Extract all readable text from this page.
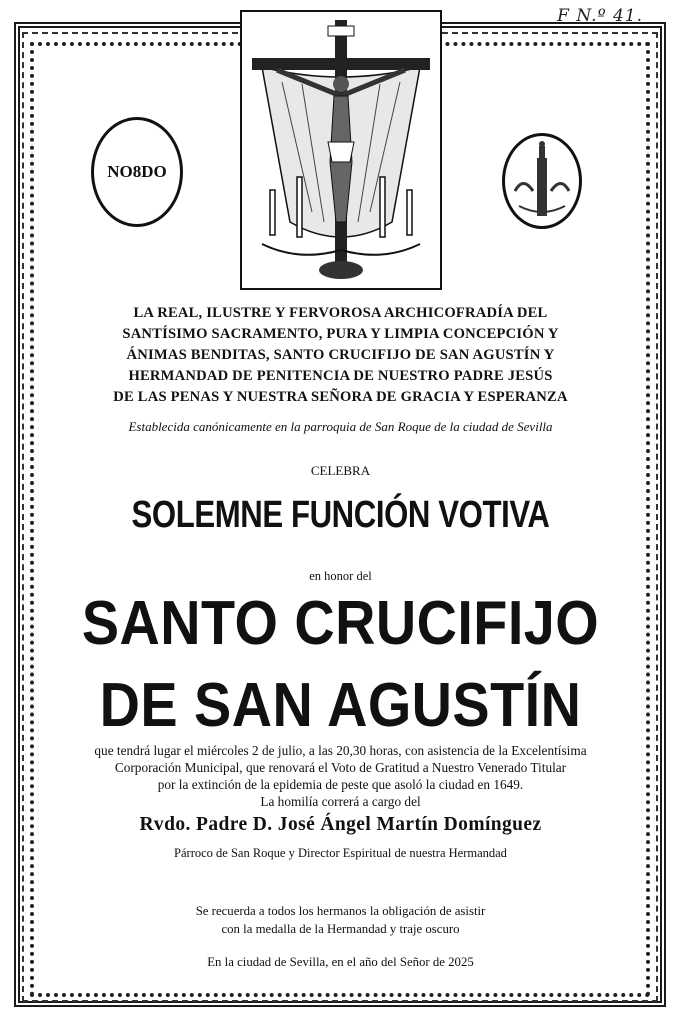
F N.º 41.
NO8DO
LA REAL, ILUSTRE Y FERVOROSA ARCHICOFRADÍA DEL
SANTÍSIMO SACRAMENTO, PURA Y LIMPIA CONCEPCIÓN Y
ÁNIMAS BENDITAS, SANTO CRUCIFIJO DE SAN AGUSTÍN Y
HERMANDAD DE PENITENCIA DE NUESTRO PADRE JESÚS
DE LAS PENAS Y NUESTRA SEÑORA DE GRACIA Y ESPERANZA
Establecida canónicamente en la parroquia de San Roque de la ciudad de Sevilla
CELEBRA
SOLEMNE FUNCIÓN VOTIVA
en honor del
SANTO CRUCIFIJO
DE SAN AGUSTÍN
que tendrá lugar el miércoles 2 de julio, a las 20,30 horas, con asistencia de la Excelentísima
Corporación Municipal, que renovará el Voto de Gratitud a Nuestro Venerado Titular
por la extinción de la epidemia de peste que asoló la ciudad en 1649.
La homilía correrá a cargo del
Rvdo. Padre D. José Ángel Martín Domínguez
Párroco de San Roque y Director Espiritual de nuestra Hermandad
Se recuerda a todos los hermanos la obligación de asistir
con la medalla de la Hermandad y traje oscuro
En la ciudad de Sevilla, en el año del Señor de 2025
